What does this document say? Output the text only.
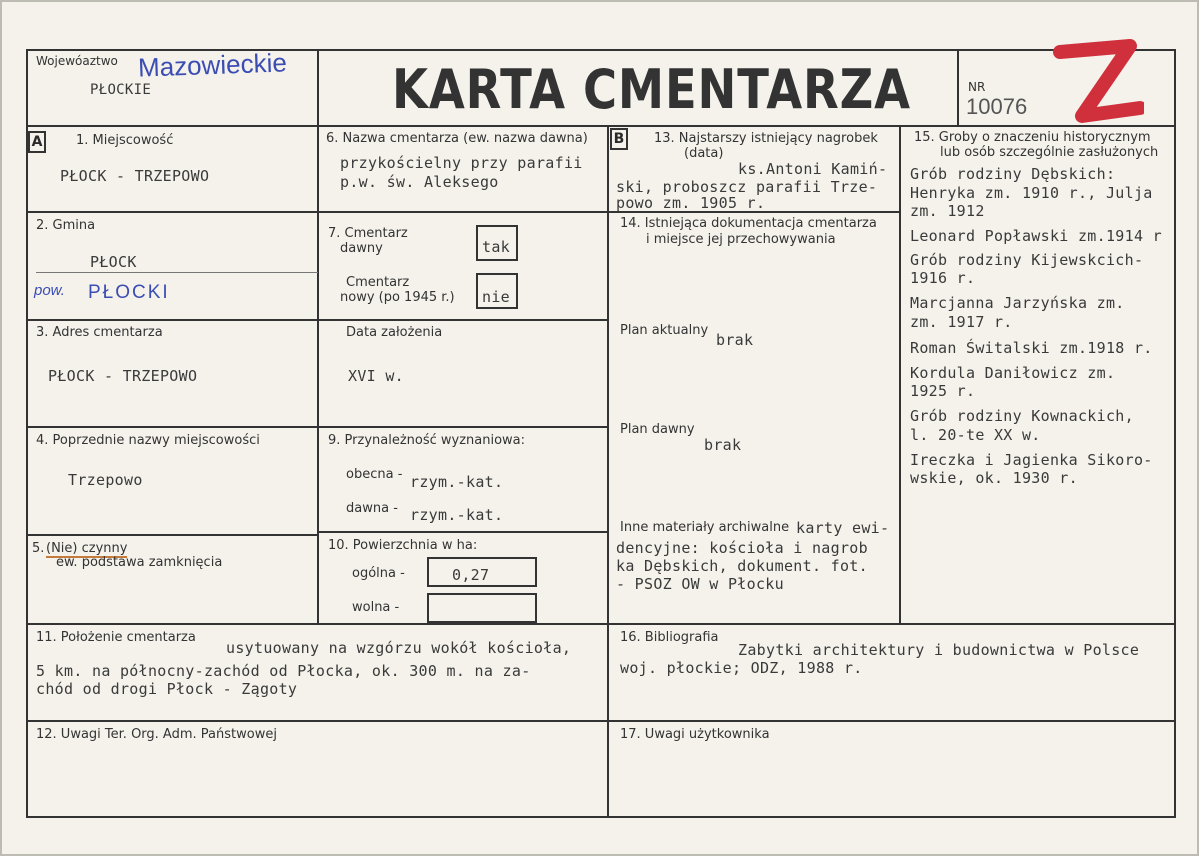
Wojewóaztwo Mazowieckie
PŁOCKIE	KARTA CMENTARZA	NR
10076
A	1. Miejscowość
PŁOCK - TRZEPOWO
2. Gmina
PŁOCK
pow. PŁOCKI
3. Adres cmentarza
PŁOCK - TRZEPOWO
4. Poprzednie nazwy miejscowości
Trzepowo
5. (Nie) czynny
ew. podstawa zamknięcia
6. Nazwa cmentarza (ew. nazwa dawna)
przykościelny przy parafii
p.w. św. Aleksego
7. Cmentarz
dawny	tak
Cmentarz
nowy (po 1945 r.) nie
Data założenia
XVI w.
9. Przynależność wyznaniowa:
obecna - rzym.-kat.
dawna - rzym.-kat.
10. Powierzchnia w ha:
ogólna -	0,27
wolna -
B 13. Najstarszy istniejący nagrobek
(data)
ks.Antoni Kamiń-
ski, proboszcz parafii Trze-
powo zm. 1905 r.
14. Istniejąca dokumentacja cmentarza
i miejsce jej przechowywania
Plan aktualny
brak
Plan dawny
brak
Inne materiały archiwalne karty ewi-
dencyjne: kościoła i nagrob
ka Dębskich, dokument. fot.
- PSOZ OW w Płocku
15. Groby o znaczeniu historycznym
lub osób szczególnie zasłużonych
Grób rodziny Dębskich:
Henryka zm. 1910 r., Julja
zm. 1912
Leonard Popławski zm.1914 r
Grób rodziny Kijewskcich-
1916 r.
Marcjanna Jarzyńska zm.
zm. 1917 r.
Roman Świtalski zm.1918 r.
Kordula Daniłowicz zm.
1925 r.
Grób rodziny Kownackich,
l. 20-te XX w.
Ireczka i Jagienka Sikoro-
wskie, ok. 1930 r.
11. Położenie cmentarza
usytuowany na wzgórzu wokół kościoła,
5 km. na północny-zachód od Płocka, ok. 300 m. na za-
chód od drogi Płock - Zągoty
16. Bibliografia
Zabytki architektury i budownictwa w Polsce
woj. płockie; ODZ, 1988 r.
12. Uwagi Ter. Org. Adm. Państwowej	17. Uwagi użytkownika
